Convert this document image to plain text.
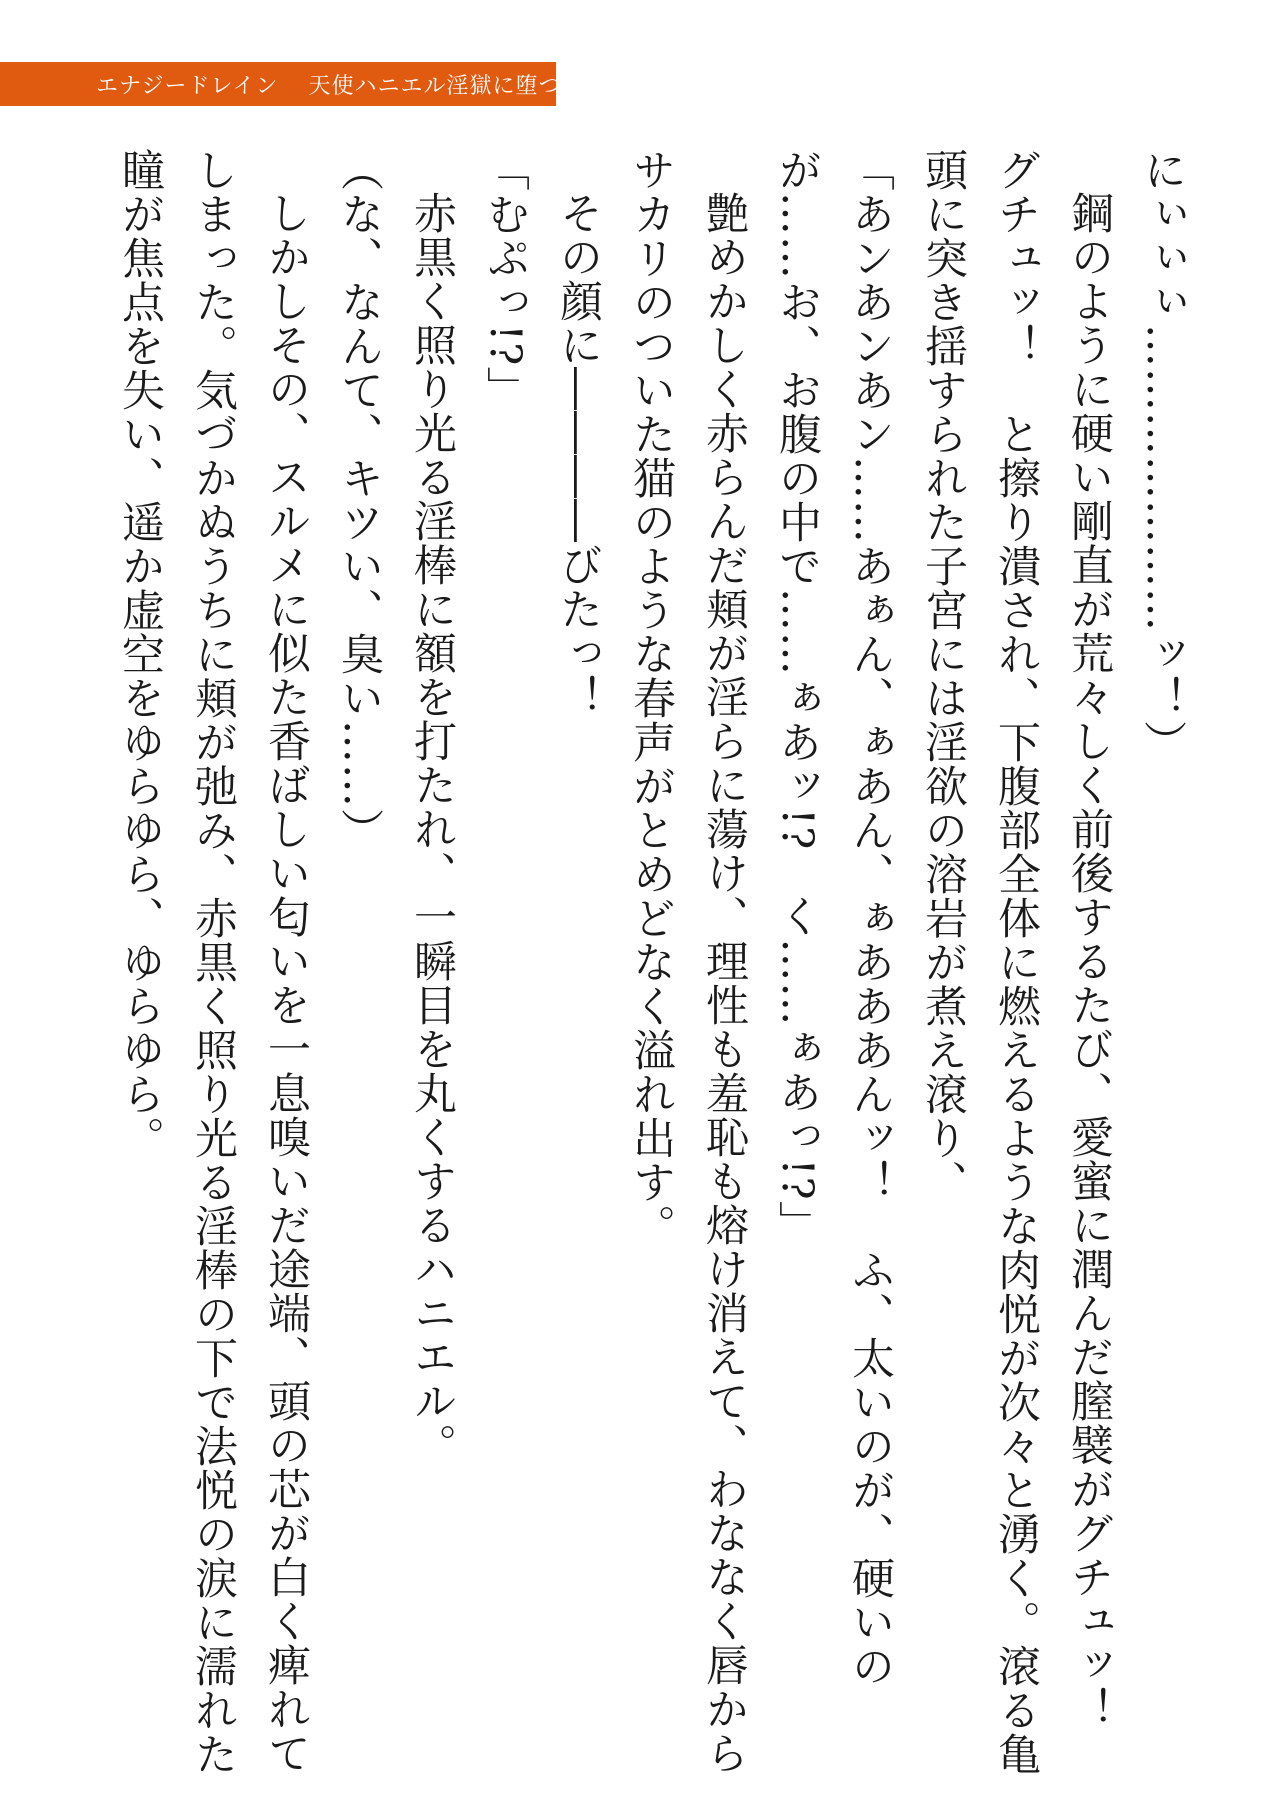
エナジードレイン 天使ハニエル淫獄に堕つ

にぃぃぃ…………………ッ！）

鋼のように硬い剛直が荒々しく前後するたび、愛蜜に潤んだ膣襞がグチュッ！　グチュッ！　と擦り潰され、下腹部全体に燃えるような肉悦が次々と湧く。滾る亀頭に突き揺すられた子宮には淫欲の溶岩が煮え滾り、

「あンあンあン……あぁん、ぁあん、ぁあああんッ！　ふ、太いのが、硬いのが……お、お腹の中で……ぁあッ!?　く……ぁあっ!?」

艶めかしく赤らんだ頬が淫らに蕩け、理性も羞恥も熔け消えて、わななく唇からサカリのついた猫のような春声がとめどなく溢れ出す。

その顔に――――びたっ！

「むぷっ!?」

赤黒く照り光る淫棒に額を打たれ、一瞬目を丸くするハニエル。

（な、なんて、キツい、臭い……）

しかしその、スルメに似た香ばしい匂いを一息嗅いだ途端、頭の芯が白く痺れてしまった。気づかぬうちに頬が弛み、赤黒く照り光る淫棒の下で法悦の涙に濡れた瞳が焦点を失い、遥か虚空をゆらゆら、ゆらゆら。
